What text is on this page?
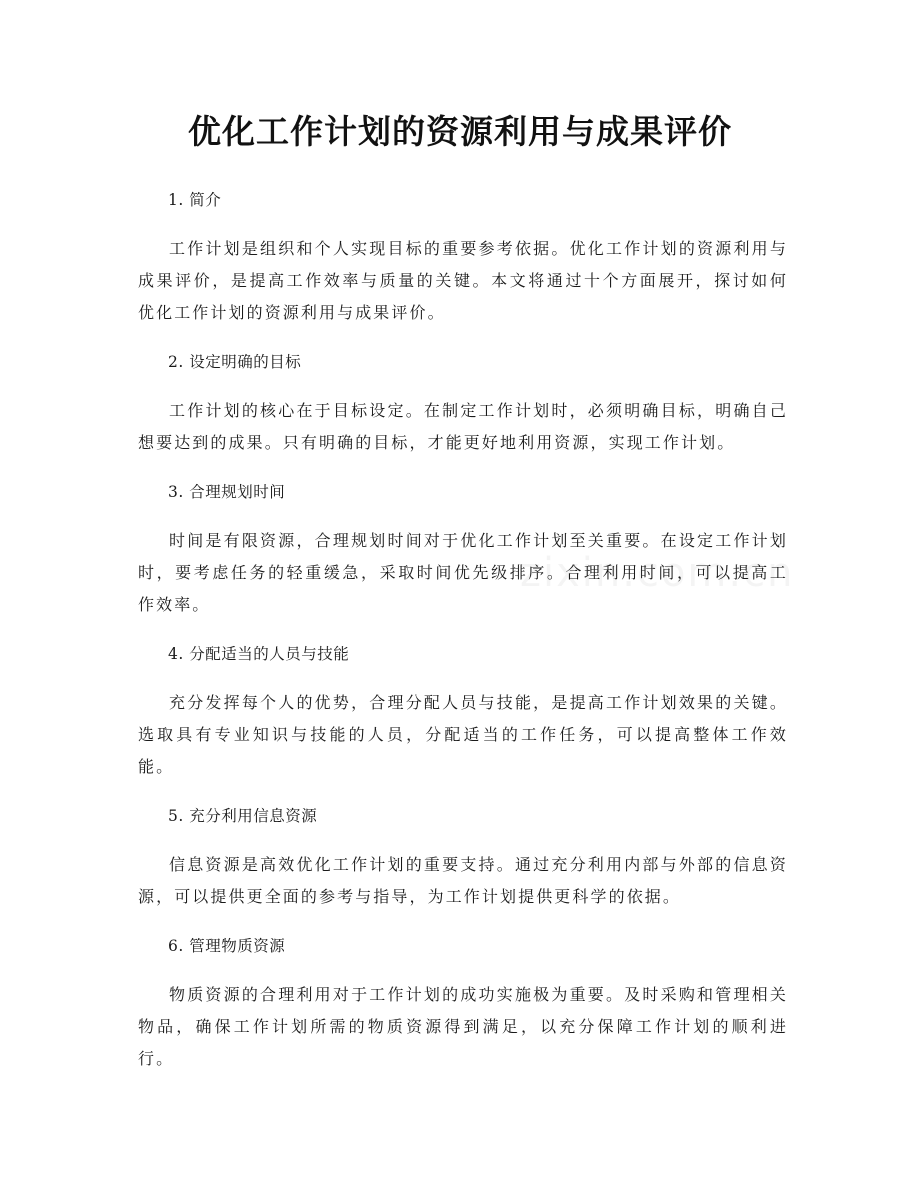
优化工作计划的资源利用与成果评价

1. 简介

工作计划是组织和个人实现目标的重要参考依据。优化工作计划的资源利用与成果评价，是提高工作效率与质量的关键。本文将通过十个方面展开，探讨如何优化工作计划的资源利用与成果评价。

2. 设定明确的目标

工作计划的核心在于目标设定。在制定工作计划时，必须明确目标，明确自己想要达到的成果。只有明确的目标，才能更好地利用资源，实现工作计划。

3. 合理规划时间

时间是有限资源，合理规划时间对于优化工作计划至关重要。在设定工作计划时，要考虑任务的轻重缓急，采取时间优先级排序。合理利用时间，可以提高工作效率。

4. 分配适当的人员与技能

充分发挥每个人的优势，合理分配人员与技能，是提高工作计划效果的关键。选取具有专业知识与技能的人员，分配适当的工作任务，可以提高整体工作效能。

5. 充分利用信息资源

信息资源是高效优化工作计划的重要支持。通过充分利用内部与外部的信息资源，可以提供更全面的参考与指导，为工作计划提供更科学的依据。

6. 管理物质资源

物质资源的合理利用对于工作计划的成功实施极为重要。及时采购和管理相关物品，确保工作计划所需的物质资源得到满足，以充分保障工作计划的顺利进行。
